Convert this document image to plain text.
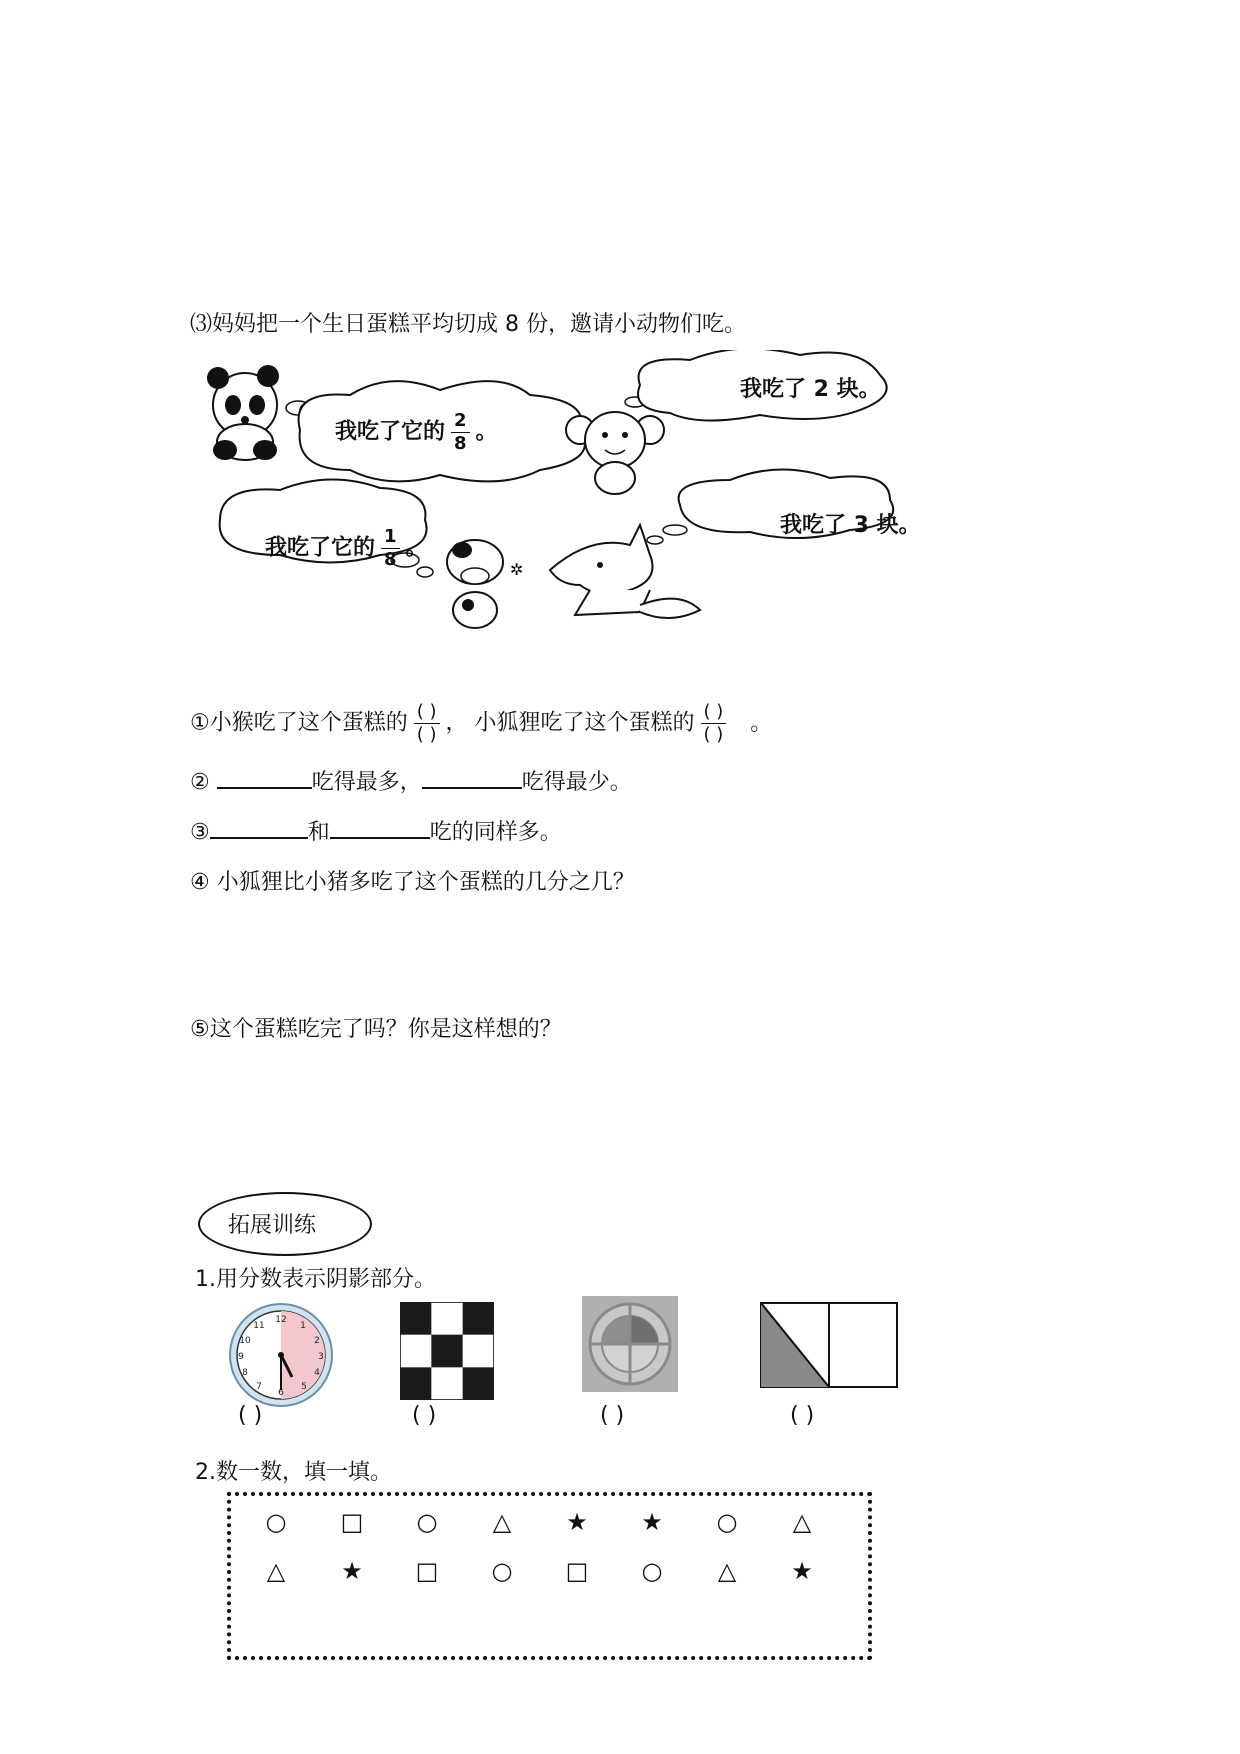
⑶妈妈把一个生日蛋糕平均切成 8 份，邀请小动物们吃。
✲
我吃了它的 $\frac{2}{8}$ 。
我吃了 2 块。
我吃了它的 $\frac{1}{8}$ 。
我吃了 3 块。
①小猴吃了这个蛋糕的 $\frac{( )}{( )}$ ， 小狐狸吃了这个蛋糕的 $\frac{( )}{( )}$ 。
②	吃得最多，	吃得最少。
③	和	吃的同样多。
④ 小狐狸比小猪多吃了这个蛋糕的几分之几？
⑤这个蛋糕吃完了吗？你是这样想的？
拓展训练
1.用分数表示阴影部分。
12
1
2
3
4
5
6
7
8
9
10
11
( )	( )	( )	( )
2.数一数，填一填。
○	□	○	△	★	★	○	△
△	★	□	○	□	○	△	★
